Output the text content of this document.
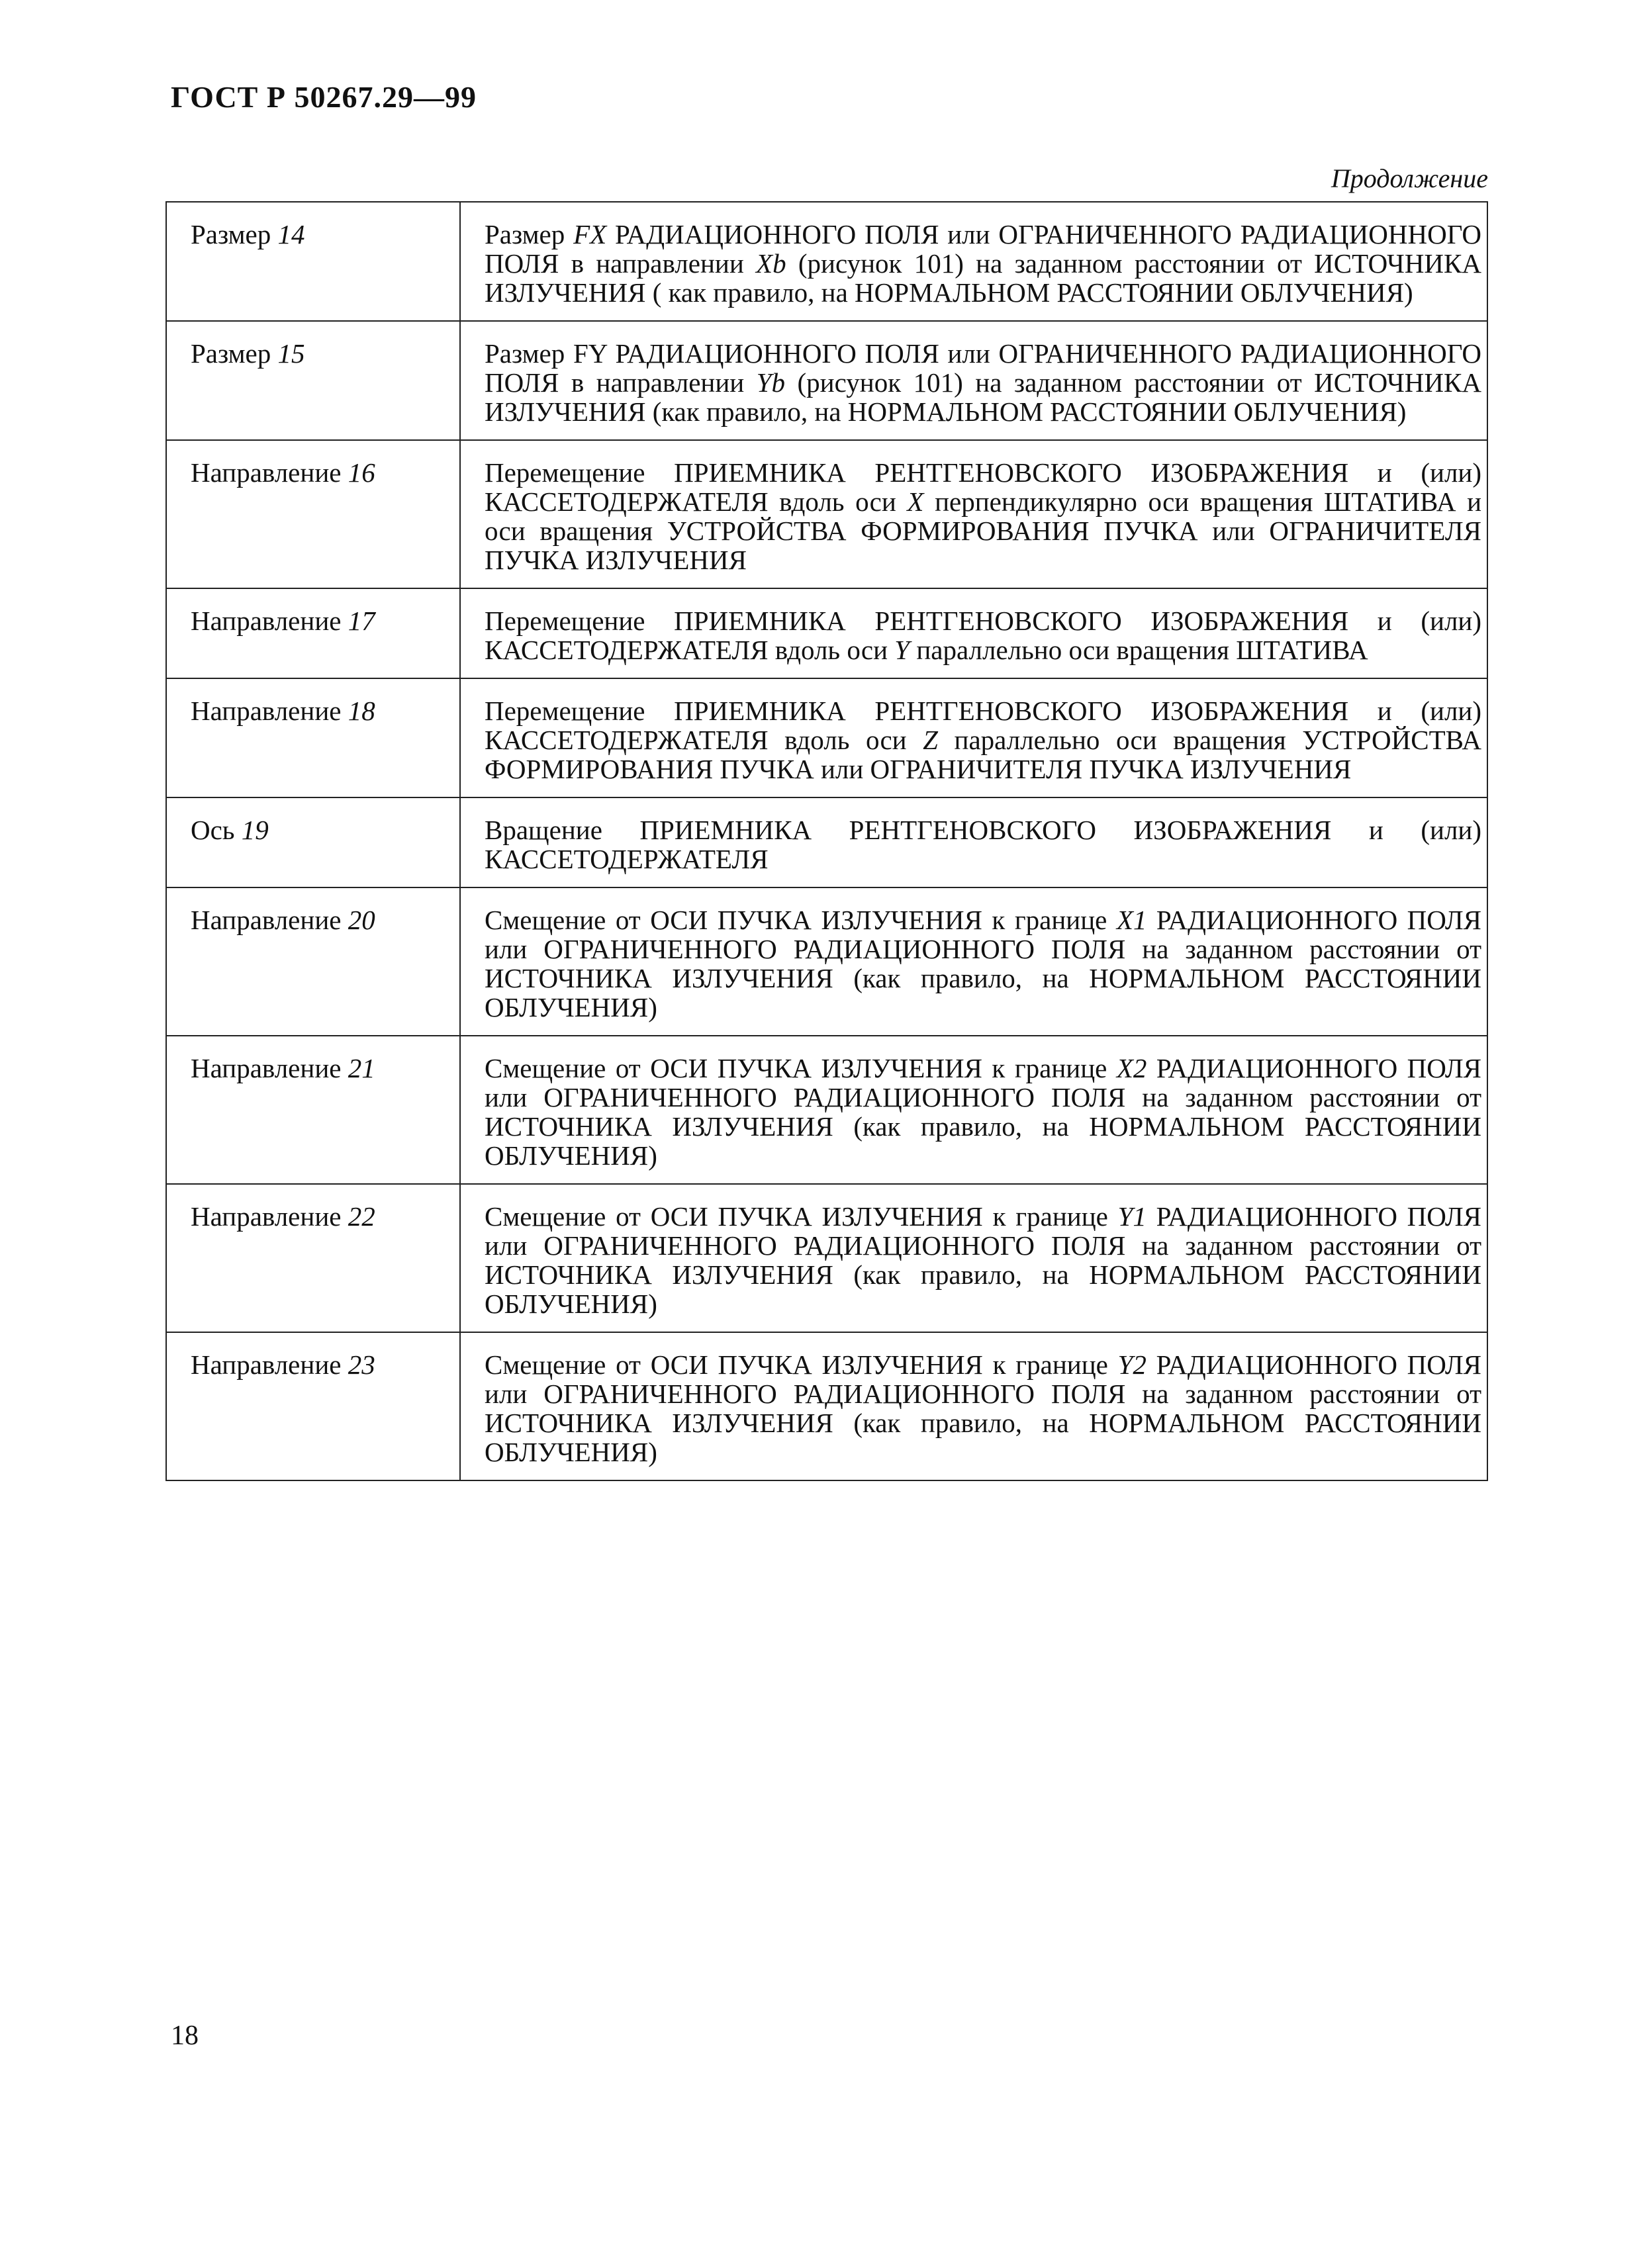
ГОСТ Р 50267.29—99
Продолжение
Размер 14	Размер FX РАДИАЦИОННОГО ПОЛЯ или ОГРАНИЧЕННОГО РАДИАЦИОННОГО ПОЛЯ в направлении Xb (рисунок 101) на заданном расстоянии от ИСТОЧНИКА ИЗЛУЧЕНИЯ ( как правило, на НОРМАЛЬНОМ РАССТОЯНИИ ОБЛУЧЕНИЯ)
Размер 15	Размер FY РАДИАЦИОННОГО ПОЛЯ или ОГРАНИЧЕННОГО РАДИАЦИОННОГО ПОЛЯ в направлении Yb (рисунок 101) на заданном расстоянии от ИСТОЧНИКА ИЗЛУЧЕНИЯ (как правило, на НОРМАЛЬНОМ РАССТОЯНИИ ОБЛУЧЕНИЯ)
Направление 16	Перемещение ПРИЕМНИКА РЕНТГЕНОВСКОГО ИЗОБРАЖЕНИЯ и (или) КАССЕТОДЕРЖАТЕЛЯ вдоль оси X перпендикулярно оси вращения ШТАТИВА и оси вращения УСТРОЙСТВА ФОРМИРОВАНИЯ ПУЧКА или ОГРАНИЧИТЕЛЯ ПУЧКА ИЗЛУЧЕНИЯ
Направление 17	Перемещение ПРИЕМНИКА РЕНТГЕНОВСКОГО ИЗОБРАЖЕНИЯ и (или) КАССЕТОДЕРЖАТЕЛЯ вдоль оси Y параллельно оси вращения ШТАТИВА
Направление 18	Перемещение ПРИЕМНИКА РЕНТГЕНОВСКОГО ИЗОБРАЖЕНИЯ и (или) КАССЕТОДЕРЖАТЕЛЯ вдоль оси Z параллельно оси вращения УСТРОЙСТВА ФОРМИРОВАНИЯ ПУЧКА или ОГРАНИЧИТЕЛЯ ПУЧКА ИЗЛУЧЕНИЯ
Ось 19	Вращение ПРИЕМНИКА РЕНТГЕНОВСКОГО ИЗОБРАЖЕНИЯ и (или) КАССЕТОДЕРЖАТЕЛЯ
Направление 20	Смещение от ОСИ ПУЧКА ИЗЛУЧЕНИЯ к границе X1 РАДИАЦИОННОГО ПОЛЯ или ОГРАНИЧЕННОГО РАДИАЦИОННОГО ПОЛЯ на заданном расстоянии от ИСТОЧНИКА ИЗЛУЧЕНИЯ (как правило, на НОРМАЛЬНОМ РАССТОЯНИИ ОБЛУЧЕНИЯ)
Направление 21	Смещение от ОСИ ПУЧКА ИЗЛУЧЕНИЯ к границе X2 РАДИАЦИОННОГО ПОЛЯ или ОГРАНИЧЕННОГО РАДИАЦИОННОГО ПОЛЯ на заданном расстоянии от ИСТОЧНИКА ИЗЛУЧЕНИЯ (как правило, на НОРМАЛЬНОМ РАССТОЯНИИ ОБЛУЧЕНИЯ)
Направление 22	Смещение от ОСИ ПУЧКА ИЗЛУЧЕНИЯ к границе Y1 РАДИАЦИОННОГО ПОЛЯ или ОГРАНИЧЕННОГО РАДИАЦИОННОГО ПОЛЯ на заданном расстоянии от ИСТОЧНИКА ИЗЛУЧЕНИЯ (как правило, на НОРМАЛЬНОМ РАССТОЯНИИ ОБЛУЧЕНИЯ)
Направление 23	Смещение от ОСИ ПУЧКА ИЗЛУЧЕНИЯ к границе Y2 РАДИАЦИОННОГО ПОЛЯ или ОГРАНИЧЕННОГО РАДИАЦИОННОГО ПОЛЯ на заданном расстоянии от ИСТОЧНИКА ИЗЛУЧЕНИЯ (как правило, на НОРМАЛЬНОМ РАССТОЯНИИ ОБЛУЧЕНИЯ)
18
